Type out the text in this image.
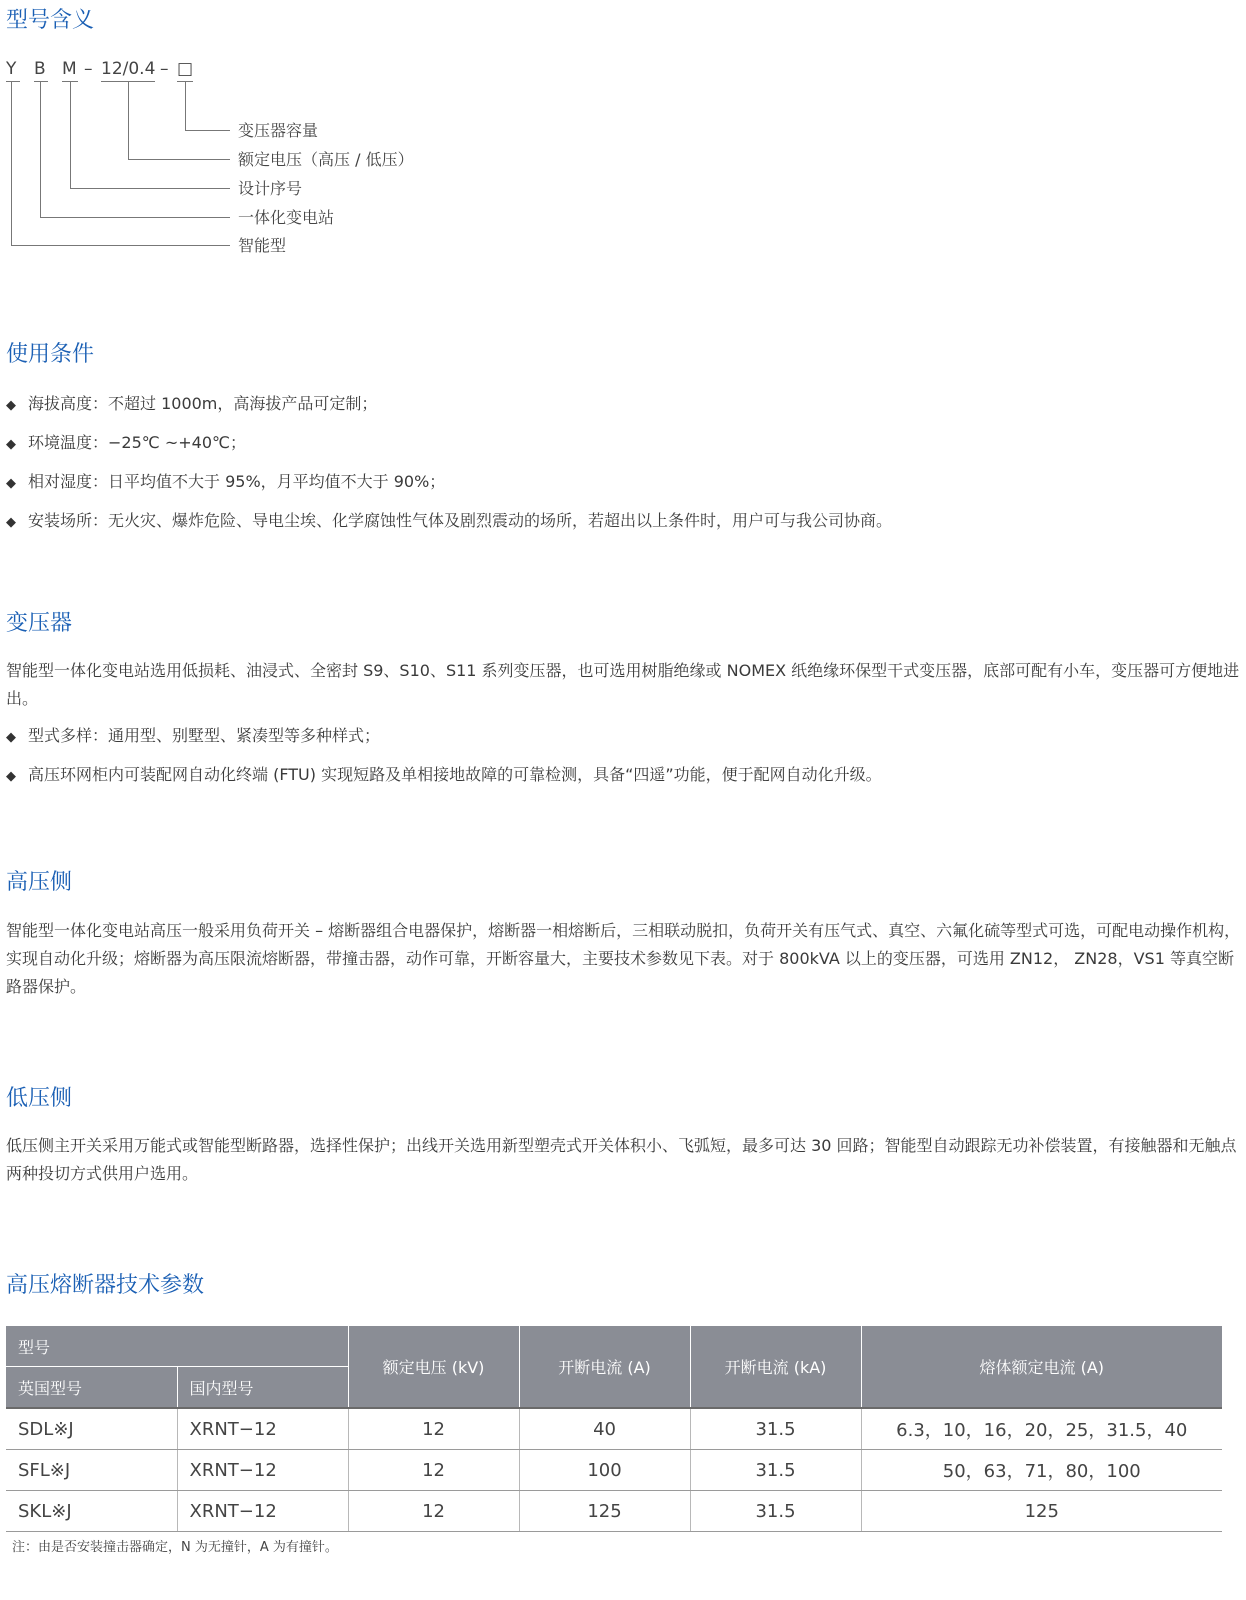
型号含义
Y B M – 12/0.4 – □
变压器容量
额定电压（高压 / 低压）
设计序号
一体化变电站
智能型
使用条件
◆ 海拔高度：不超过 1000m，高海拔产品可定制；
◆ 环境温度：−25℃ ~+40℃；
◆ 相对湿度：日平均值不大于 95%，月平均值不大于 90%；
◆ 安装场所：无火灾、爆炸危险、导电尘埃、化学腐蚀性气体及剧烈震动的场所，若超出以上条件时，用户可与我公司协商。
变压器

智能型一体化变电站选用低损耗、油浸式、全密封 S9、S10、S11 系列变压器，也可选用树脂绝缘或 NOMEX 纸绝缘环保型干式变压器，底部可配有小车，变压器可方便地进出。

◆ 型式多样：通用型、别墅型、紧凑型等多种样式；
◆ 高压环网柜内可装配网自动化终端 (FTU) 实现短路及单相接地故障的可靠检测，具备“四遥”功能，便于配网自动化升级。
高压侧

智能型一体化变电站高压一般采用负荷开关 – 熔断器组合电器保护，熔断器一相熔断后，三相联动脱扣，负荷开关有压气式、真空、六氟化硫等型式可选，可配电动操作机构，实现自动化升级；熔断器为高压限流熔断器，带撞击器，动作可靠，开断容量大，主要技术参数见下表。对于 800kVA 以上的变压器，可选用 ZN12， ZN28，VS1 等真空断路器保护。

低压侧

低压侧主开关采用万能式或智能型断路器，选择性保护；出线开关选用新型塑壳式开关体积小、飞弧短，最多可达 30 回路；智能型自动跟踪无功补偿装置，有接触器和无触点两种投切方式供用户选用。

高压熔断器技术参数
型号		额定电压 (kV)	开断电流 (A)	开断电流 (kA)	熔体额定电流 (A)
英国型号	国内型号				
SDL※J	XRNT−12	12	40	31.5	6.3，10，16，20，25，31.5，40
SFL※J	XRNT−12	12	100	31.5	50，63，71，80，100
SKL※J	XRNT−12	12	125	31.5	125

注：由是否安装撞击器确定，N 为无撞针，A 为有撞针。
